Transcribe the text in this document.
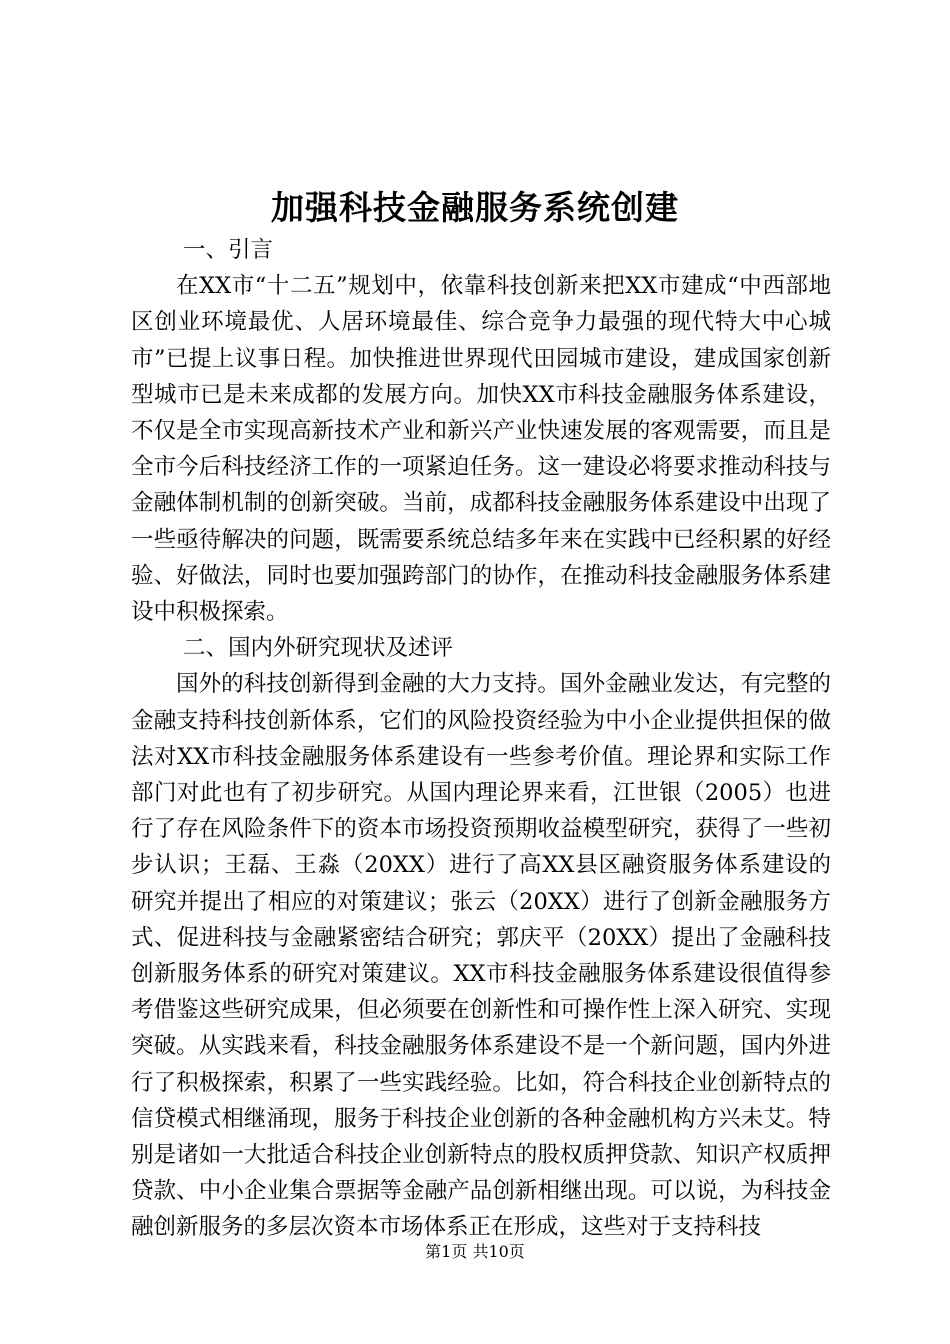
加强科技金融服务系统创建
一、引言

在XX市“十二五”规划中，依靠科技创新来把XX市建成“中西部地区创业环境最优、人居环境最佳、综合竞争力最强的现代特大中心城市”已提上议事日程。加快推进世界现代田园城市建设，建成国家创新型城市已是未来成都的发展方向。加快XX市科技金融服务体系建设，不仅是全市实现高新技术产业和新兴产业快速发展的客观需要，而且是全市今后科技经济工作的一项紧迫任务。这一建设必将要求推动科技与金融体制机制的创新突破。当前，成都科技金融服务体系建设中出现了一些亟待解决的问题，既需要系统总结多年来在实践中已经积累的好经验、好做法，同时也要加强跨部门的协作，在推动科技金融服务体系建设中积极探索。

二、国内外研究现状及述评

国外的科技创新得到金融的大力支持。国外金融业发达，有完整的金融支持科技创新体系，它们的风险投资经验为中小企业提供担保的做法对XX市科技金融服务体系建设有一些参考价值。理论界和实际工作部门对此也有了初步研究。从国内理论界来看，江世银（2005）也进行了存在风险条件下的资本市场投资预期收益模型研究，获得了一些初步认识；王磊、王淼（20XX）进行了高XX县区融资服务体系建设的研究并提出了相应的对策建议；张云（20XX）进行了创新金融服务方式、促进科技与金融紧密结合研究；郭庆平（20XX）提出了金融科技创新服务体系的研究对策建议。XX市科技金融服务体系建设很值得参考借鉴这些研究成果，但必须要在创新性和可操作性上深入研究、实现突破。从实践来看，科技金融服务体系建设不是一个新问题，国内外进行了积极探索，积累了一些实践经验。比如，符合科技企业创新特点的信贷模式相继涌现，服务于科技企业创新的各种金融机构方兴未艾。特别是诸如一大批适合科技企业创新特点的股权质押贷款、知识产权质押贷款、中小企业集合票据等金融产品创新相继出现。可以说，为科技金融创新服务的多层次资本市场体系正在形成，这些对于支持科技

第1页 共10页
